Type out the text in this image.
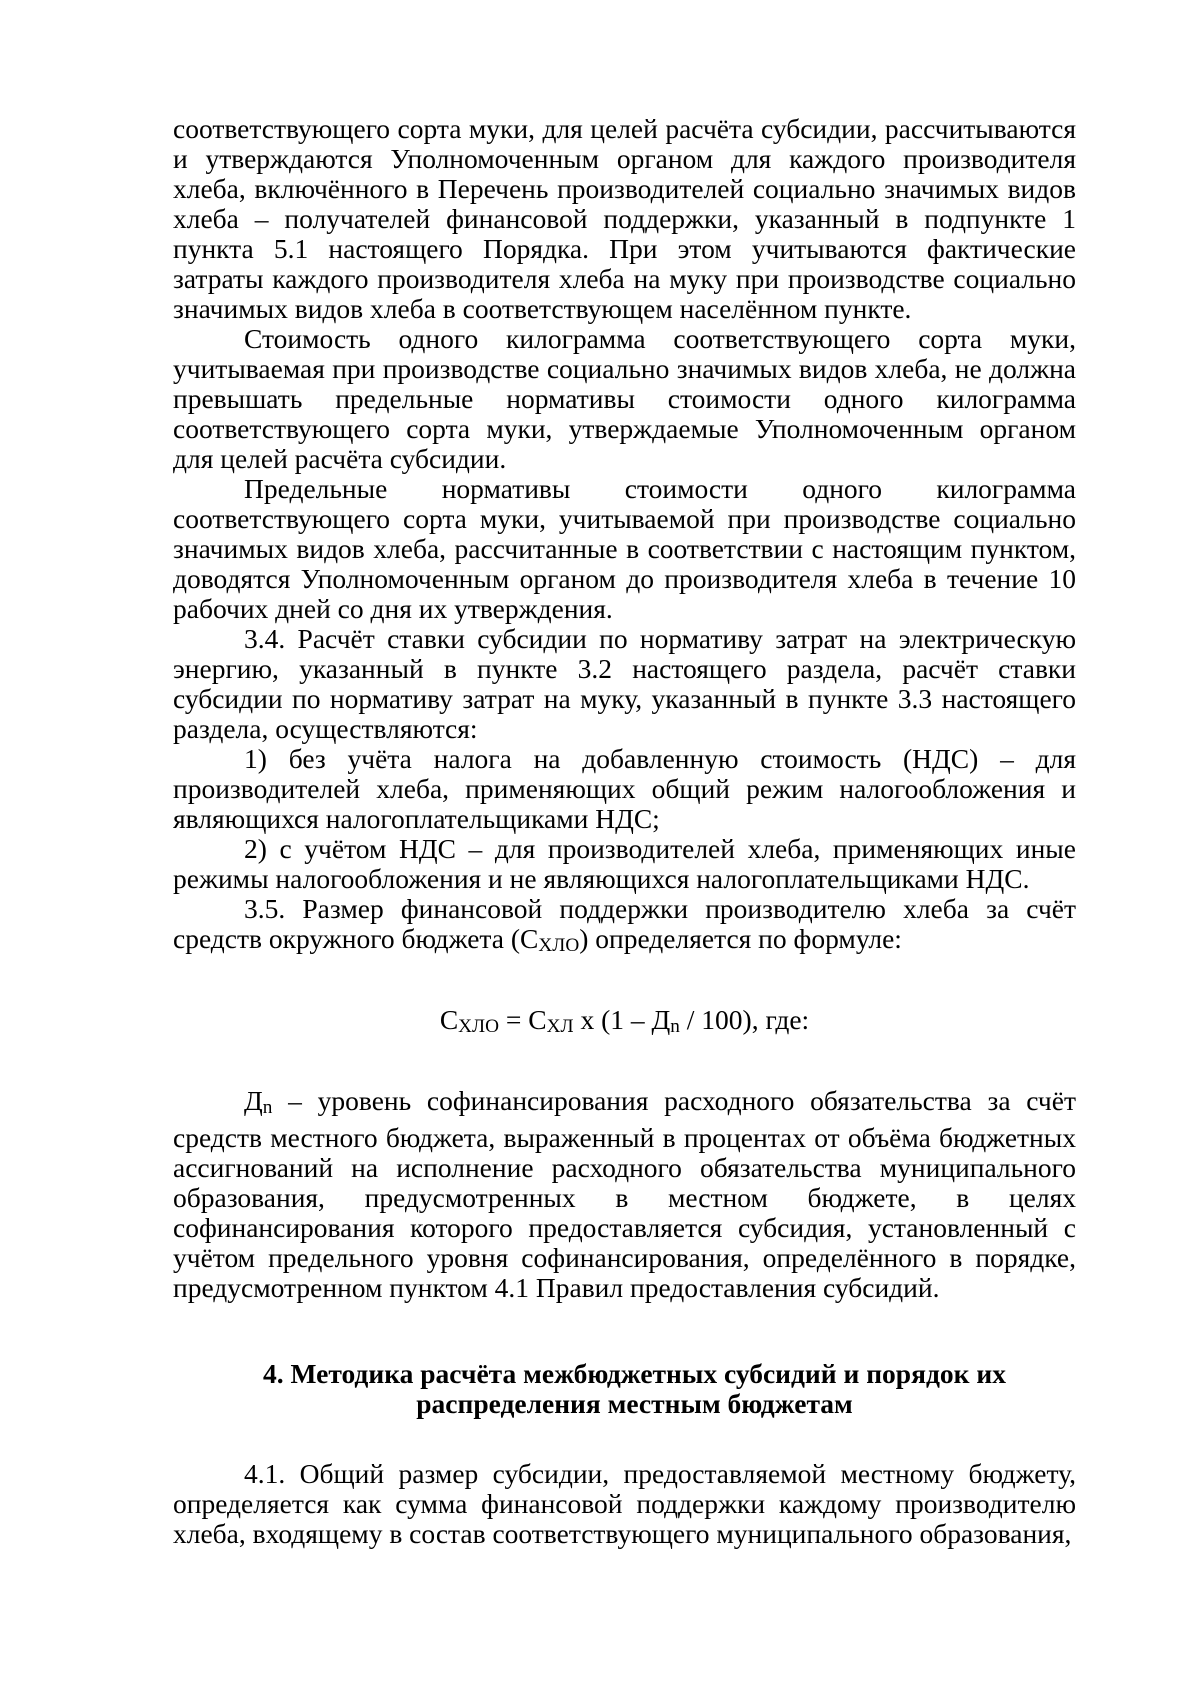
соответствующего сорта муки, для целей расчёта субсидии, рассчитываются и утверждаются Уполномоченным органом для каждого производителя хлеба, включённого в Перечень производителей социально значимых видов хлеба – получателей финансовой поддержки, указанный в подпункте 1 пункта 5.1 настоящего Порядка. При этом учитываются фактические затраты каждого производителя хлеба на муку при производстве социально значимых видов хлеба в соответствующем населённом пункте.

Стоимость одного килограмма соответствующего сорта муки, учитываемая при производстве социально значимых видов хлеба, не должна превышать предельные нормативы стоимости одного килограмма соответствующего сорта муки, утверждаемые Уполномоченным органом для целей расчёта субсидии.

Предельные нормативы стоимости одного килограмма соответствующего сорта муки, учитываемой при производстве социально значимых видов хлеба, рассчитанные в соответствии с настоящим пунктом, доводятся Уполномоченным органом до производителя хлеба в течение 10 рабочих дней со дня их утверждения.

3.4. Расчёт ставки субсидии по нормативу затрат на электрическую энергию, указанный в пункте 3.2 настоящего раздела, расчёт ставки субсидии по нормативу затрат на муку, указанный в пункте 3.3 настоящего раздела, осуществляются:

1) без учёта налога на добавленную стоимость (НДС) – для производителей хлеба, применяющих общий режим налогообложения и являющихся налогоплательщиками НДС;

2) с учётом НДС – для производителей хлеба, применяющих иные режимы налогообложения и не являющихся налогоплательщиками НДС.

3.5. Размер финансовой поддержки производителю хлеба за счёт средств окружного бюджета (СХЛО) определяется по формуле:

СХЛО = СХЛ х (1 – Дn / 100), где:

Дn – уровень софинансирования расходного обязательства за счёт средств местного бюджета, выраженный в процентах от объёма бюджетных ассигнований на исполнение расходного обязательства муниципального образования, предусмотренных в местном бюджете, в целях софинансирования которого предоставляется субсидия, установленный с учётом предельного уровня софинансирования, определённого в порядке, предусмотренном пунктом 4.1 Правил предоставления субсидий.

4. Методика расчёта межбюджетных субсидий и порядок их
распределения местным бюджетам

4.1. Общий размер субсидии, предоставляемой местному бюджету, определяется как сумма финансовой поддержки каждому производителю хлеба, входящему в состав соответствующего муниципального образования,
